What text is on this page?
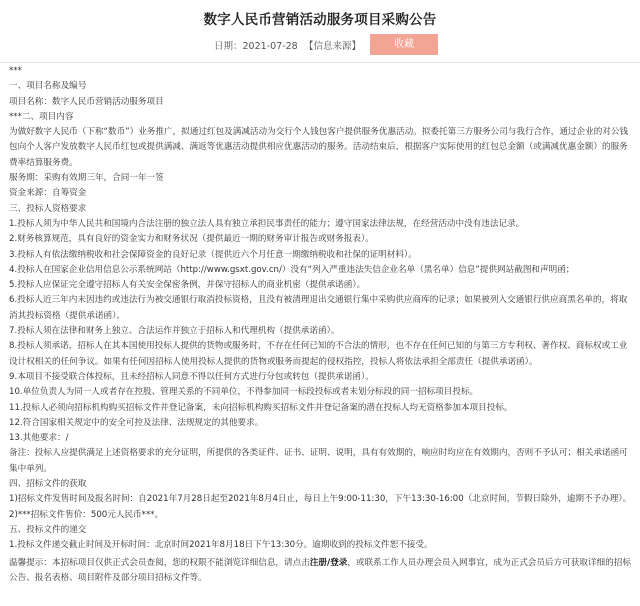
数字人民币营销活动服务项目采购公告
日期：2021-07-28 【信息来源】	收藏

***

一、项目名称及编号

项目名称：数字人民币营销活动服务项目

***二、项目内容

为做好数字人民币（下称“数币”）业务推广，拟通过红包及满减活动为交行个人钱包客户提供服务优惠活动。拟委托第三方服务公司与我行合作，通过企业的对公钱包向个人客户发放数字人民币红包或提供满减、满返等优惠活动提供相应优惠活动的服务。活动结束后，根据客户实际使用的红包总金额（或满减优惠金额）的服务费率结算服务费。

服务期：采购有效期三年，合同一年一签

资金来源：自筹资金

三、投标人资格要求

1.投标人须为中华人民共和国境内合法注册的独立法人具有独立承担民事责任的能力；遵守国家法律法规，在经营活动中没有违法记录。

2.财务核算规范，具有良好的资金实力和财务状况（提供最近一期的财务审计报告或财务报表）。

3.投标人有依法缴纳税收和社会保障资金的良好记录（提供近六个月任意一期缴纳税收和社保的证明材料）。

4.投标人在国家企业信用信息公示系统网站（http://www.gsxt.gov.cn/）没有“列入严重违法失信企业名单（黑名单）信息”提供网站截图和声明函；

5.投标人应保证完全遵守招标人有关安全保密条例，并保守招标人的商业机密（提供承诺函）。

6.投标人近三年内未因违约或违法行为被交通银行取消投标资格，且没有被清理退出交通银行集中采购供应商库的记录；如果被列入交通银行供应商黑名单的，将取消其投标资格（提供承诺函）。

7.投标人须在法律和财务上独立、合法运作并独立于招标人和代理机构（提供承诺函）。

8.投标人须承诺，招标人在其本国使用投标人提供的货物或服务时，不存在任何已知的不合法的情形，也不存在任何已知的与第三方专利权、著作权、商标权或工业设计权相关的任何争议。如果有任何因招标人使用投标人提供的货物或服务而提起的侵权指控，投标人将依法承担全部责任（提供承诺函）。

9.本项目不接受联合体投标，且未经招标人同意不得以任何方式进行分包或转包（提供承诺函）。

10.单位负责人为同一人或者存在控股、管理关系的不同单位，不得参加同一标段投标或者未划分标段的同一招标项目投标。

11.投标人必须向招标机构购买招标文件并登记备案，未向招标机构购买招标文件并登记备案的潜在投标人均无资格参加本项目投标。

12.符合国家相关规定中的安全可控及法律、法规规定的其他要求。

13.其他要求：/

备注：投标人应提供满足上述资格要求的充分证明，所提供的各类证件、证书、证明、说明，具有有效期的，响应时均应在有效期内，否则不予认可；相关承诺函可集中单列。

四、招标文件的获取

1)招标文件发售时间及报名时间：自2021年7月28日起至2021年8月4日止，每日上午9:00-11:30，下午13:30-16:00（北京时间，节假日除外，逾期不予办理）。

2)***招标文件售价：500元人民币***。

五、投标文件的递交

1.投标文件递交截止时间及开标时间：北京时间2021年8月18日下午13:30分。逾期收到的投标文件恕不接受。

温馨提示：本招标项目仅供正式会员查阅，您的权限不能浏览详细信息，请点击注册/登录，或联系工作人员办理会员入网事宜，成为正式会员后方可获取详细的招标公告、报名表格、项目附件及部分项目招标文件等。
